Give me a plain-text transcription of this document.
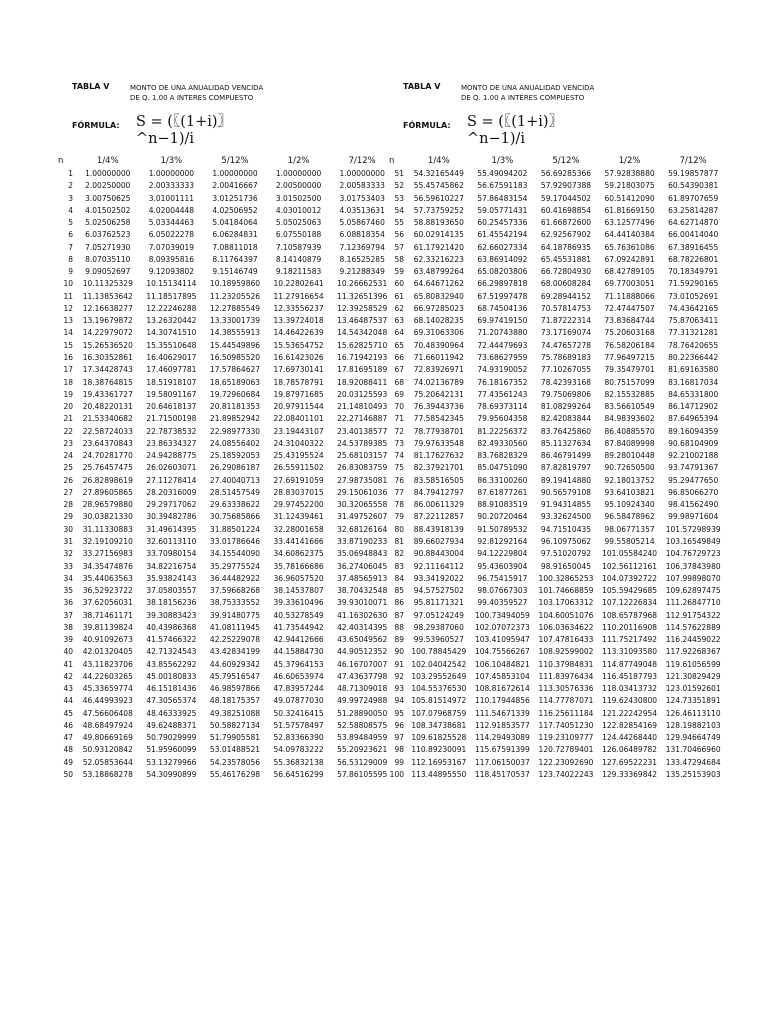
TABLA V	MONTO DE UNA ANUALIDAD VENCIDA
DE Q. 1.00 A INTERES COMPUESTO
FÓRMULA: S = (〖(1+i)〗
^n−1)/i
n	1/4%	1/3%	5/12%	1/2%	7/12%
1	1.00000000	1.00000000	1.00000000	1.00000000	1.00000000
2	2.00250000	2.00333333	2.00416667	2.00500000	2.00583333
3	3.00750625	3.01001111	3.01251736	3.01502500	3.01753403
4	4.01502502	4.02004448	4.02506952	4.03010012	4.03513631
5	5.02506258	5.03344463	5.04184064	5.05025063	5.05867460
6	6.03762523	6.05022278	6.06284831	6.07550188	6.08818354
7	7.05271930	7.07039019	7.08811018	7.10587939	7.12369794
8	8.07035110	8.09395816	8.11764397	8.14140879	8.16525285
9	9.09052697	9.12093802	9.15146749	9.18211583	9.21288349
10	10.11325329	10.15134114	10.18959860	10.22802641	10.26662531
11	11.13853642	11.18517895	11.23205526	11.27916654	11.32651396
12	12.16638277	12.22246288	12.27885549	12.33556237	12.39258529
13	13.19679872	13.26320442	13.33001739	13.39724018	13.46487537
14	14.22979072	14.30741510	14.38555913	14.46422639	14.54342048
15	15.26536520	15.35510648	15.44549896	15.53654752	15.62825710
16	16.30352861	16.40629017	16.50985520	16.61423026	16.71942193
17	17.34428743	17.46097781	17.57864627	17.69730141	17.81695189
18	18.38764815	18.51918107	18.65189063	18.78578791	18.92088411
19	19.43361727	19.58091167	19.72960684	19.87971685	20.03125593
20	20.48220131	20.64618137	20.81181353	20.97911544	21.14810493
21	21.53340682	21.71500198	21.89852942	22.08401101	22.27146887
22	22.58724033	22.78738532	22.98977330	23.19443107	23.40138577
23	23.64370843	23.86334327	24.08556402	24.31040322	24.53789385
24	24.70281770	24.94288775	25.18592053	25.43195524	25.68103157
25	25.76457475	26.02603071	26.29086187	26.55911502	26.83083759
26	26.82898619	27.11278414	27.40040713	27.69191059	27.98735081
27	27.89605865	28.20316009	28.51457549	28.83037015	29.15061036
28	28.96579880	29.29717062	29.63338622	29.97452200	30.32065558
29	30.03821330	30.39482786	30.75685866	31.12439461	31.49752607
30	31.11330883	31.49614395	31.88501224	32.28001658	32.68126164
31	32.19109210	32.60113110	33.01786646	33.44141666	33.87190233
32	33.27156983	33.70980154	34.15544090	34.60862375	35.06948843
33	34.35474876	34.82216754	35.29775524	35.78166686	36.27406045
34	35.44063563	35.93824143	36.44482922	36.96057520	37.48565913
35	36.52923722	37.05803557	37.59668268	38.14537807	38.70432548
36	37.62056031	38.18156236	38.75333552	39.33610496	39.93010071
37	38.71461171	39.30883423	39.91480775	40.53278549	41.16302630
38	39.81139824	40.43986368	41.08111945	41.73544942	42.40314395
39	40.91092673	41.57466322	42.25229078	42.94412666	43.65049562
40	42.01320405	42.71324543	43.42834199	44.15884730	44.90512352
41	43.11823706	43.85562292	44.60929342	45.37964153	46.16707007
42	44.22603265	45.00180833	45.79516547	46.60653974	47.43637798
43	45.33659774	46.15181436	46.98597866	47.83957244	48.71309018
44	46.44993923	47.30565374	48.18175357	49.07877030	49.99724988
45	47.56606408	48.46333925	49.38251088	50.32416415	51.28890050
46	48.68497924	49.62488371	50.58827134	51.57578497	52.58808575
47	49.80669169	50.79029999	51.79905581	52.83366390	53.89484959
48	50.93120842	51.95960099	53.01488521	54.09783222	55.20923621
49	52.05853644	53.13279966	54.23578056	55.36832138	56.53129009
50	53.18868278	54.30990899	55.46176298	56.64516299	57.86105595
TABLA V	MONTO DE UNA ANUALIDAD VENCIDA
DE Q. 1.00 A INTERES COMPUESTO
FÓRMULA: S = (〖(1+i)〗
^n−1)/i
n	1/4%	1/3%	5/12%	1/2%	7/12%
51	54.32165449	55.49094202	56.69285366	57.92838880	59.19857877
52	55.45745862	56.67591183	57.92907388	59.21803075	60.54390381
53	56.59610227	57.86483154	59.17044502	60.51412090	61.89707659
54	57.73759252	59.05771431	60.41698854	61.81669150	63.25814287
55	58.88193650	60.25457336	61.66872600	63.12577496	64.62714870
56	60.02914135	61.45542194	62.92567902	64.44140384	66.00414040
57	61.17921420	62.66027334	64.18786935	65.76361086	67.38916455
58	62.33216223	63.86914092	65.45531881	67.09242891	68.78226801
59	63.48799264	65.08203806	66.72804930	68.42789105	70.18349791
60	64.64671262	66.29897818	68.00608284	69.77003051	71.59290165
61	65.80832940	67.51997478	69.28944152	71.11888066	73.01052691
62	66.97285023	68.74504136	70.57814753	72.47447507	74.43642165
63	68.14028235	69.97419150	71.87222314	73.83684744	75.87063411
64	69.31063306	71.20743880	73.17169074	75.20603168	77.31321281
65	70.48390964	72.44479693	74.47657278	76.58206184	78.76420655
66	71.66011942	73.68627959	75.78689183	77.96497215	80.22366442
67	72.83926971	74.93190052	77.10267055	79.35479701	81.69163580
68	74.02136789	76.18167352	78.42393168	80.75157099	83.16817034
69	75.20642131	77.43561243	79.75069806	82.15532885	84.65331800
70	76.39443736	78.69373114	81.08299264	83.56610549	86.14712902
71	77.58542345	79.95604358	82.42083844	84.98393602	87.64965394
72	78.77938701	81.22256372	83.76425860	86.40885570	89.16094359
73	79.97633548	82.49330560	85.11327634	87.84089998	90.68104909
74	81.17627632	83.76828329	86.46791499	89.28010448	92.21002188
75	82.37921701	85.04751090	87.82819797	90.72650500	93.74791367
76	83.58516505	86.33100260	89.19414880	92.18013752	95.29477650
77	84.79412797	87.61877261	90.56579108	93.64103821	96.85066270
78	86.00611329	88.91083519	91.94314855	95.10924340	98.41562490
79	87.22112857	90.20720464	93.32624500	96.58478962	99.98971604
80	88.43918139	91.50789532	94.71510435	98.06771357	101.57298939
81	89.66027934	92.81292164	96.10975062	99.55805214	103.16549849
82	90.88443004	94.12229804	97.51020792	101.05584240	104.76729723
83	92.11164112	95.43603904	98.91650045	102.56112161	106.37843980
84	93.34192022	96.75415917	100.32865253	104.07392722	107.99898070
85	94.57527502	98.07667303	101.74668859	105.59429685	109.62897475
86	95.81171321	99.40359527	103.17063312	107.12226834	111.26847710
87	97.05124249	100.73494059	104.60051076	108.65787968	112.91754322
88	98.29387060	102.07072373	106.03634622	110.20116908	114.57622889
89	99.53960527	103.41095947	107.47816433	111.75217492	116.24459022
90	100.78845429	104.75566267	108.92599002	113.31093580	117.92268367
91	102.04042542	106.10484821	110.37984831	114.87749048	119.61056599
92	103.29552649	107.45853104	111.83976434	116.45187793	121.30829429
93	104.55376530	108.81672614	113.30576336	118.03413732	123.01592601
94	105.81514972	110.17944856	114.77787071	119.62430800	124.73351891
95	107.07968759	111.54671339	116.25611184	121.22242954	126.46113110
96	108.34738681	112.91853577	117.74051230	122.82854169	128.19882103
97	109.61825528	114.29493089	119.23109777	124.44268440	129.94664749
98	110.89230091	115.67591399	120.72789401	126.06489782	131.70466960
99	112.16953167	117.06150037	122.23092690	127.69522231	133.47294684
100	113.44895550	118.45170537	123.74022243	129.33369842	135.25153903
